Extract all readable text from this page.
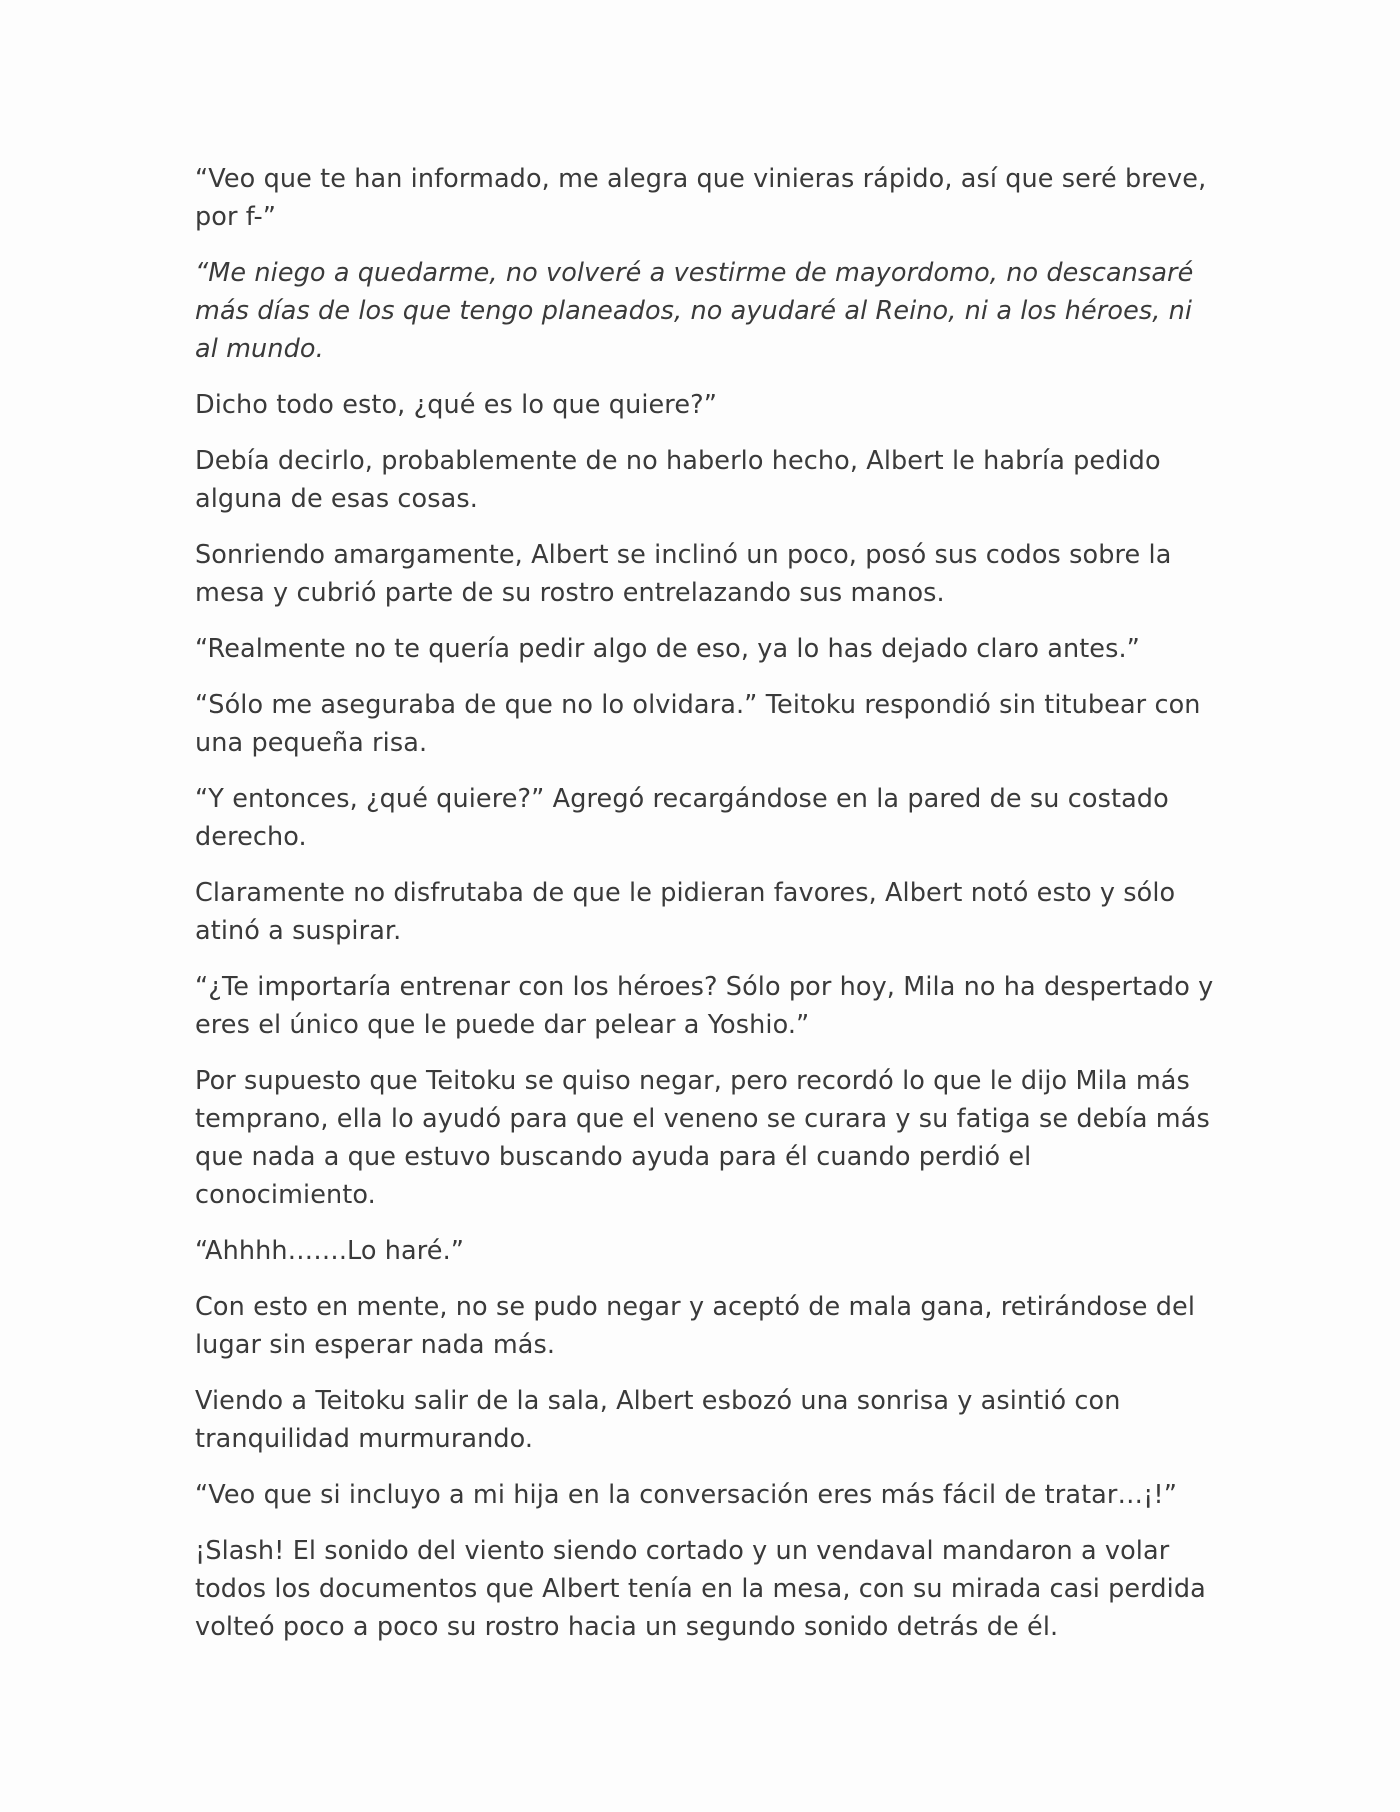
“Veo que te han informado, me alegra que vinieras rápido, así que seré breve, por f-”

“Me niego a quedarme, no volveré a vestirme de mayordomo, no descansaré más días de los que tengo planeados, no ayudaré al Reino, ni a los héroes, ni al mundo.

Dicho todo esto, ¿qué es lo que quiere?”

Debía decirlo, probablemente de no haberlo hecho, Albert le habría pedido alguna de esas cosas.

Sonriendo amargamente, Albert se inclinó un poco, posó sus codos sobre la mesa y cubrió parte de su rostro entrelazando sus manos.

“Realmente no te quería pedir algo de eso, ya lo has dejado claro antes.”

“Sólo me aseguraba de que no lo olvidara.” Teitoku respondió sin titubear con una pequeña risa.

“Y entonces, ¿qué quiere?” Agregó recargándose en la pared de su costado derecho.

Claramente no disfrutaba de que le pidieran favores, Albert notó esto y sólo atinó a suspirar.

“¿Te importaría entrenar con los héroes? Sólo por hoy, Mila no ha despertado y eres el único que le puede dar pelear a Yoshio.”

Por supuesto que Teitoku se quiso negar, pero recordó lo que le dijo Mila más temprano, ella lo ayudó para que el veneno se curara y su fatiga se debía más que nada a que estuvo buscando ayuda para él cuando perdió el conocimiento.

“Ahhhh…….Lo haré.”

Con esto en mente, no se pudo negar y aceptó de mala gana, retirándose del lugar sin esperar nada más.

Viendo a Teitoku salir de la sala, Albert esbozó una sonrisa y asintió con tranquilidad murmurando.

“Veo que si incluyo a mi hija en la conversación eres más fácil de tratar…¡!”

¡Slash! El sonido del viento siendo cortado y un vendaval mandaron a volar todos los documentos que Albert tenía en la mesa, con su mirada casi perdida volteó poco a poco su rostro hacia un segundo sonido detrás de él.
